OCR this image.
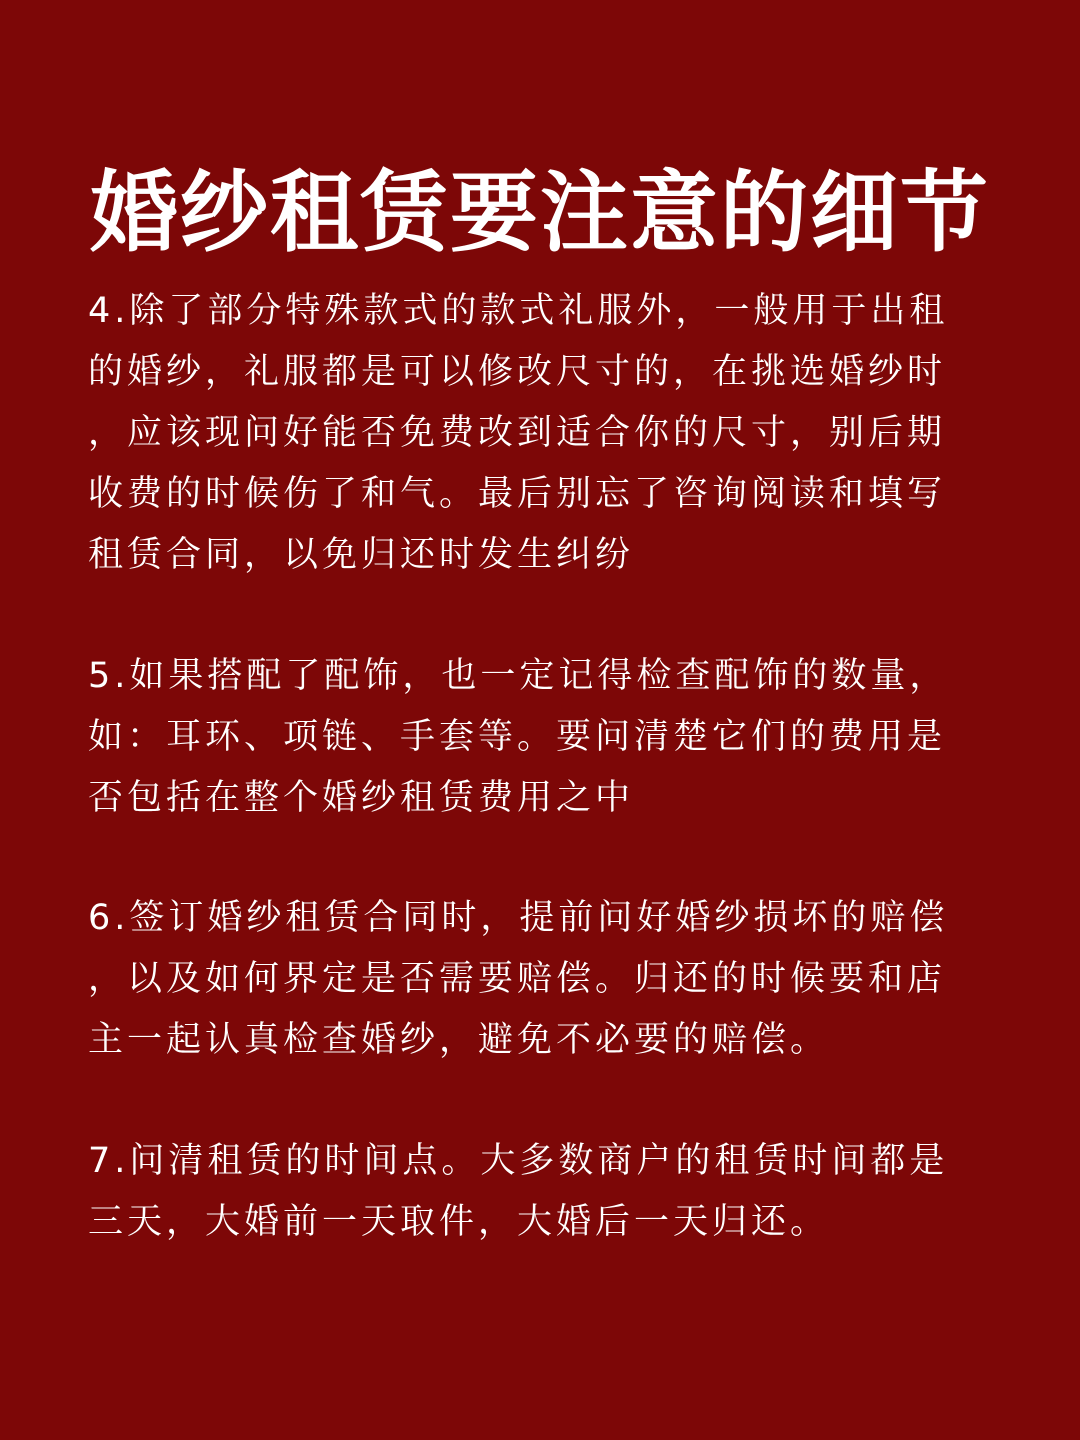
婚纱租赁要注意的细节
4.除了部分特殊款式的款式礼服外，一般用于出租
的婚纱，礼服都是可以修改尺寸的，在挑选婚纱时
，应该现问好能否免费改到适合你的尺寸，别后期
收费的时候伤了和气。最后别忘了咨询阅读和填写
租赁合同，以免归还时发生纠纷
5.如果搭配了配饰，也一定记得检查配饰的数量，
如：耳环、项链、手套等。要问清楚它们的费用是
否包括在整个婚纱租赁费用之中
6.签订婚纱租赁合同时，提前问好婚纱损坏的赔偿
，以及如何界定是否需要赔偿。归还的时候要和店
主一起认真检查婚纱，避免不必要的赔偿。
7.问清租赁的时间点。大多数商户的租赁时间都是
三天，大婚前一天取件，大婚后一天归还。
